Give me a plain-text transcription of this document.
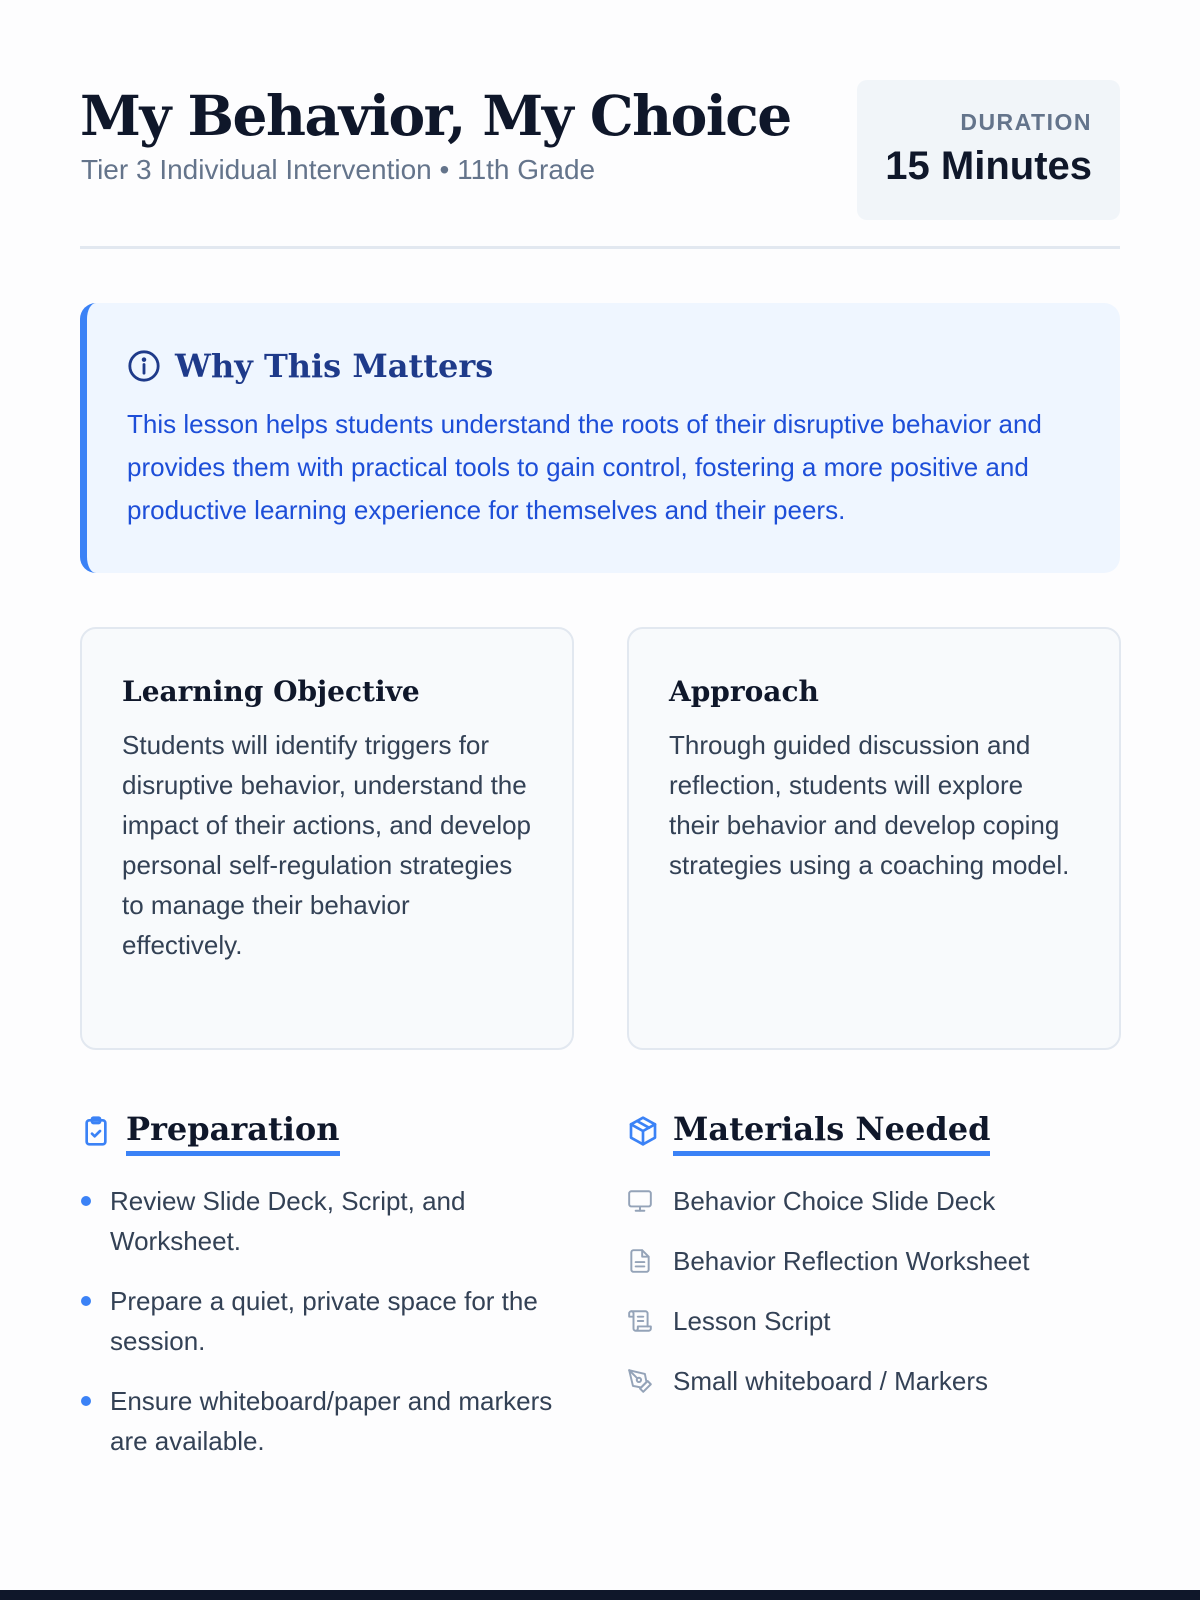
My Behavior, My Choice
Tier 3 Individual Intervention • 11th Grade
DURATION
15 Minutes
Why This Matters

This lesson helps students understand the roots of their disruptive behavior and provides them with practical tools to gain control, fostering a more positive and productive learning experience for themselves and their peers.

Learning Objective

Students will identify triggers for disruptive behavior, understand the impact of their actions, and develop personal self-regulation strategies to manage their behavior effectively.

Approach

Through guided discussion and reflection, students will explore their behavior and develop coping strategies using a coaching model.

Preparation
Review Slide Deck, Script, and Worksheet.
Prepare a quiet, private space for the session.
Ensure whiteboard/paper and markers are available.
Materials Needed
Behavior Choice Slide Deck
Behavior Reflection Worksheet
Lesson Script
Small whiteboard / Markers
